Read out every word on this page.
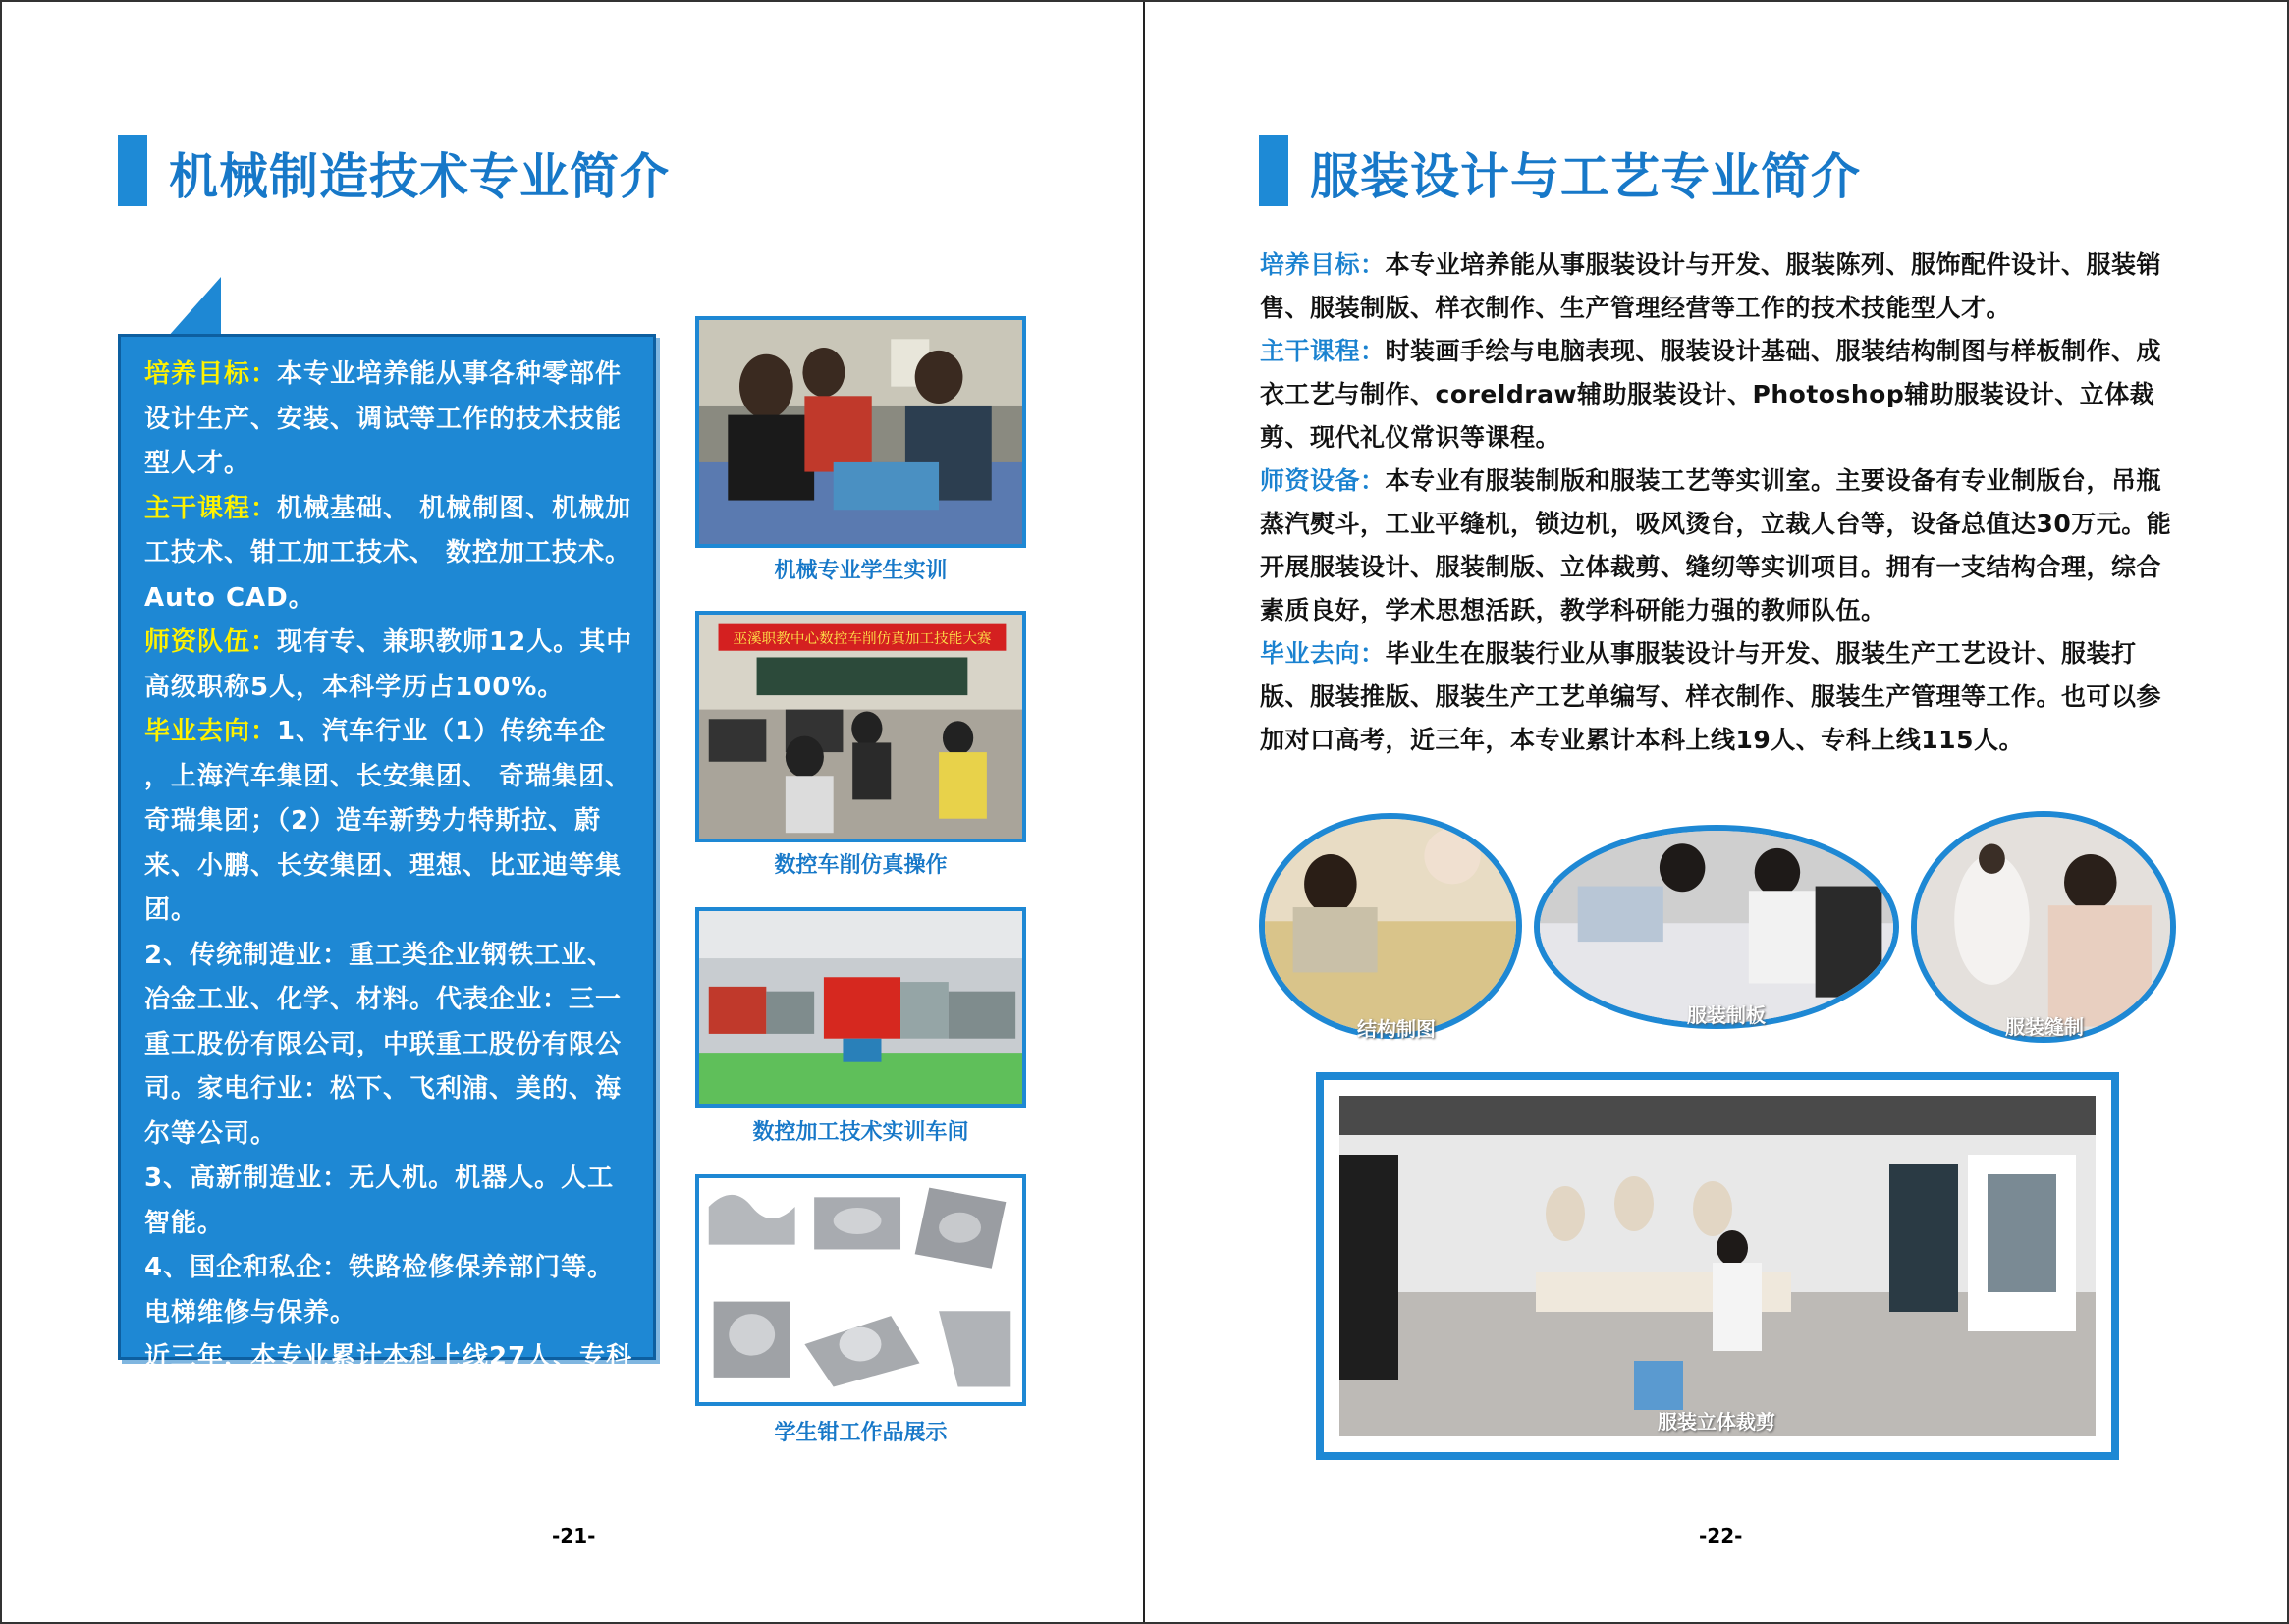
机械制造技术专业简介

培养目标：本专业培养能从事各种零部件设计生产、安装、调试等工作的技术技能型人才。

主干课程：机械基础、 机械制图、机械加工技术、钳工加工技术、 数控加工技术。Auto CAD。

师资队伍：现有专、兼职教师12人。其中高级职称5人，本科学历占100%。

毕业去向：1、汽车行业（1）传统车企 ，上海汽车集团、长安集团、 奇瑞集团、 奇瑞集团；（2）造车新势力特斯拉、蔚来、小鹏、长安集团、理想、比亚迪等集团。

2、传统制造业：重工类企业钢铁工业、冶金工业、化学、材料。代表企业：三一重工股份有限公司，中联重工股份有限公司。家电行业：松下、飞利浦、美的、海尔等公司。

3、高新制造业：无人机。机器人。人工智能。

4、国企和私企：铁路检修保养部门等。 电梯维修与保养。

近三年，本专业累计本科上线27人、专科上线152人。

机械专业学生实训
巫溪职教中心数控车削仿真加工技能大赛
数控车削仿真操作
数控加工技术实训车间
学生钳工作品展示
-21-
服装设计与工艺专业简介
-22-

培养目标：本专业培养能从事服装设计与开发、服装陈列、服饰配件设计、服装销售、服装制版、样衣制作、生产管理经营等工作的技术技能型人才。

主干课程：时装画手绘与电脑表现、服装设计基础、服装结构制图与样板制作、成衣工艺与制作、coreldraw辅助服装设计、Photoshop辅助服装设计、立体裁剪、现代礼仪常识等课程。

师资设备：本专业有服装制版和服装工艺等实训室。主要设备有专业制版台，吊瓶蒸汽熨斗，工业平缝机，锁边机，吸风烫台，立裁人台等，设备总值达30万元。能开展服装设计、服装制版、立体裁剪、缝纫等实训项目。拥有一支结构合理，综合素质良好，学术思想活跃，教学科研能力强的教师队伍。

毕业去向：毕业生在服装行业从事服装设计与开发、服装生产工艺设计、服装打版、服装推版、服装生产工艺单编写、样衣制作、服装生产管理等工作。也可以参加对口高考，近三年，本专业累计本科上线19人、专科上线115人。

结构制图
服装制板	服装缝制
服装立体裁剪
